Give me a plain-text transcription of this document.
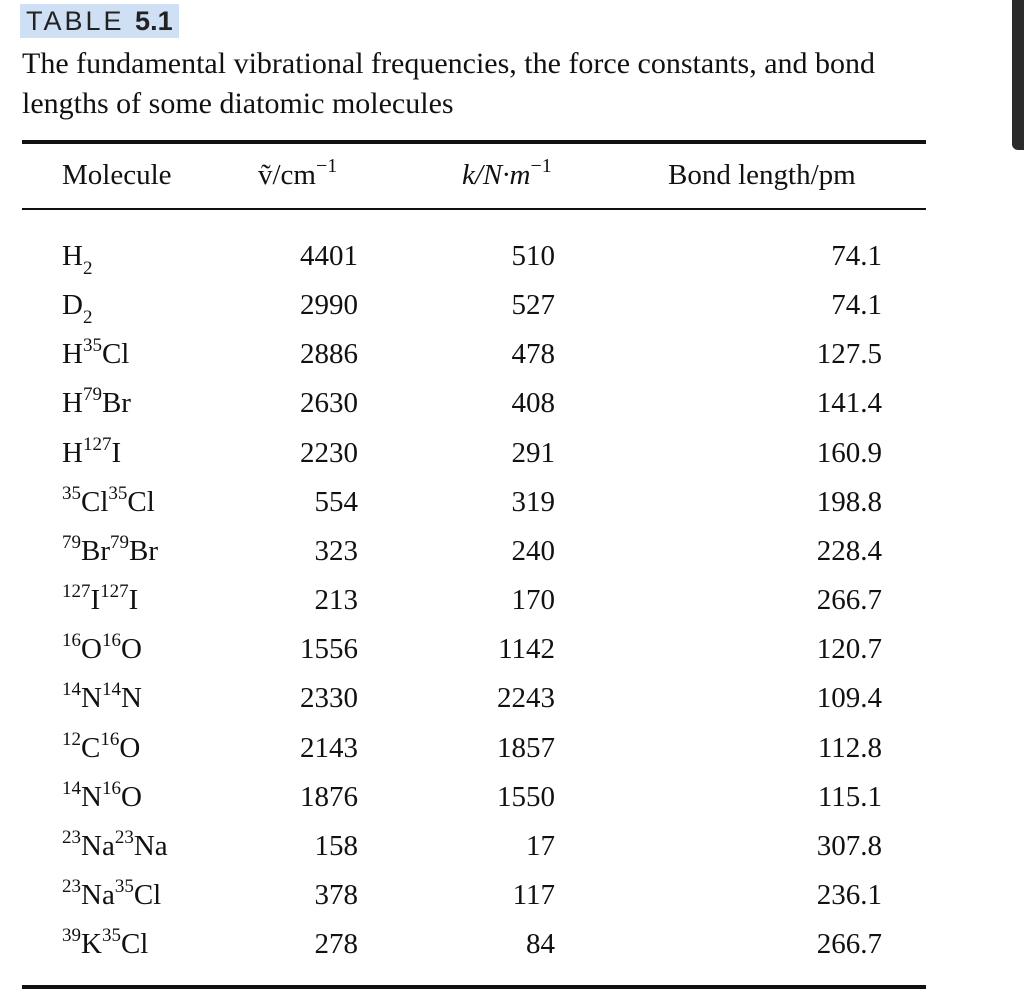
TABLE 5.1
The fundamental vibrational frequencies, the force constants, and bond lengths of some diatomic molecules
Molecule	$ṽ/cm^{-1}$	$k/N\cdot m^{-1}$	Bond length/pm
$H_2$	4401	510	74.1
$D_2$	2990	527	74.1
$H^{35}Cl$	2886	478	127.5
$H^{79}Br$	2630	408	141.4
$H^{127}I$	2230	291	160.9
$^{35}$Cl$^{35}$Cl	554	319	198.8
$^{79}$Br$^{79}$Br	323	240	228.4
$^{127}I^{127}I$	213	170	266.7
$^{16}O^{16}O$	1556	1142	120.7
$^{14}N^{14}N$	2330	2243	109.4
$^{12}C^{16}O$	2143	1857	112.8
$^{14}N^{16}O$	1876	1550	115.1
$^{23}$Na$^{23}$Na	158	17	307.8
$^{23}$Na$^{35}$Cl	378	117	236.1
$^{39}K^{35}Cl$	278	84	266.7
